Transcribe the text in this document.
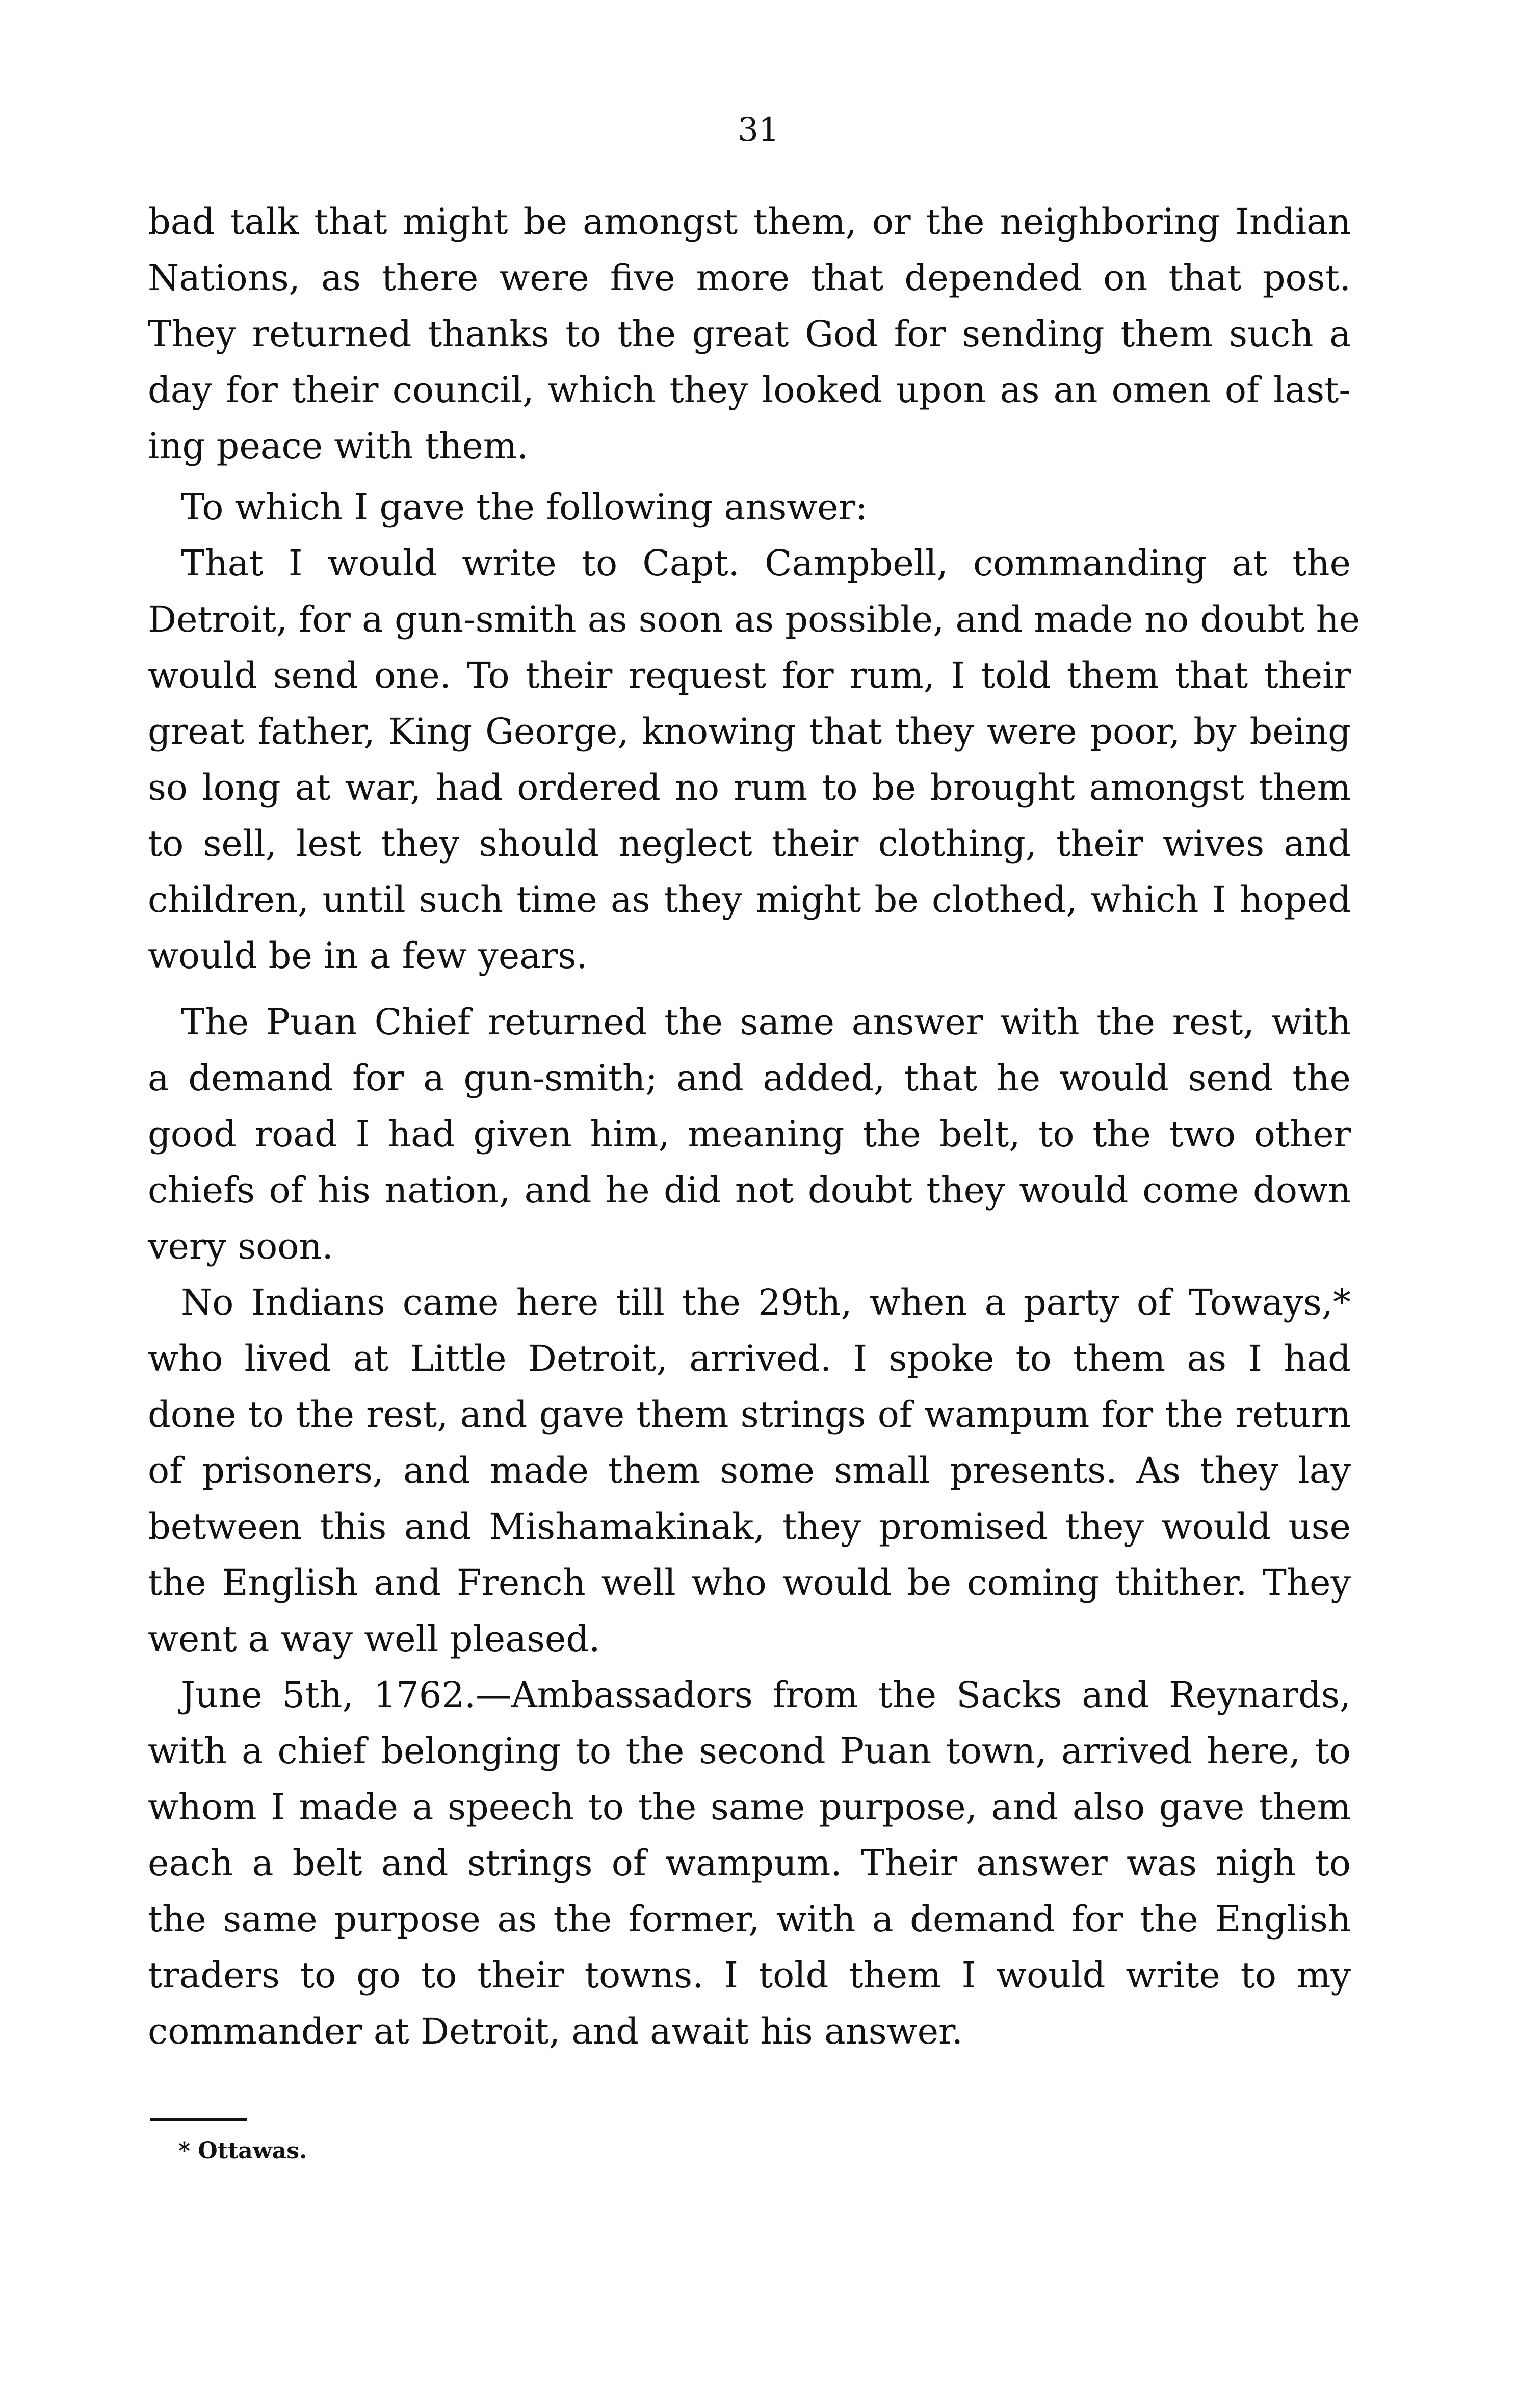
31
bad talk that might be amongst them, or the neighboring Indian
Nations, as there were five more that depended on that post.
They returned thanks to the great God for sending them such a
day for their council, which they looked upon as an omen of last-
ing peace with them.
To which I gave the following answer:
That I would write to Capt. Campbell, commanding at the
Detroit, for a gun-smith as soon as possible, and made no doubt he
would send one. To their request for rum, I told them that their
great father, King George, knowing that they were poor, by being
so long at war, had ordered no rum to be brought amongst them
to sell, lest they should neglect their clothing, their wives and
children, until such time as they might be clothed, which I hoped
would be in a few years.
The Puan Chief returned the same answer with the rest, with
a demand for a gun-smith; and added, that he would send the
good road I had given him, meaning the belt, to the two other
chiefs of his nation, and he did not doubt they would come down
very soon.
No Indians came here till the 29th, when a party of Toways,*
who lived at Little Detroit, arrived. I spoke to them as I had
done to the rest, and gave them strings of wampum for the return
of prisoners, and made them some small presents. As they lay
between this and Mishamakinak, they promised they would use
the English and French well who would be coming thither. They
went a way well pleased.
June 5th, 1762.—Ambassadors from the Sacks and Reynards,
with a chief belonging to the second Puan town, arrived here, to
whom I made a speech to the same purpose, and also gave them
each a belt and strings of wampum. Their answer was nigh to
the same purpose as the former, with a demand for the English
traders to go to their towns. I told them I would write to my
commander at Detroit, and await his answer.
* Ottawas.
